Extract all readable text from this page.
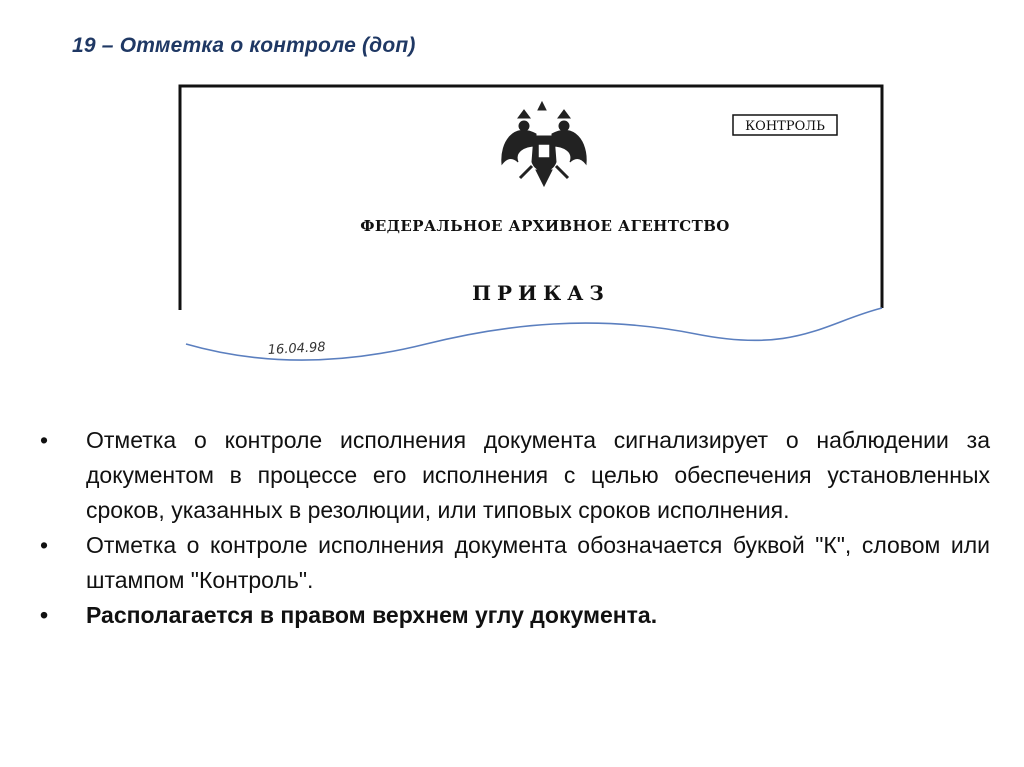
19 – Отметка о контроле (доп)
КОНТРОЛЬ
ФЕДЕРАЛЬНОЕ АРХИВНОЕ АГЕНТСТВО
ПРИКАЗ
16.04.98
• Отметка о контроле исполнения документа сигнализирует о наблюдении за документом в процессе его исполнения с целью обеспечения установленных сроков, указанных в резолюции, или типовых сроков исполнения.
• Отметка о контроле исполнения документа обозначается буквой "К", словом или штампом "Контроль".
• Располагается в правом верхнем углу документа.
